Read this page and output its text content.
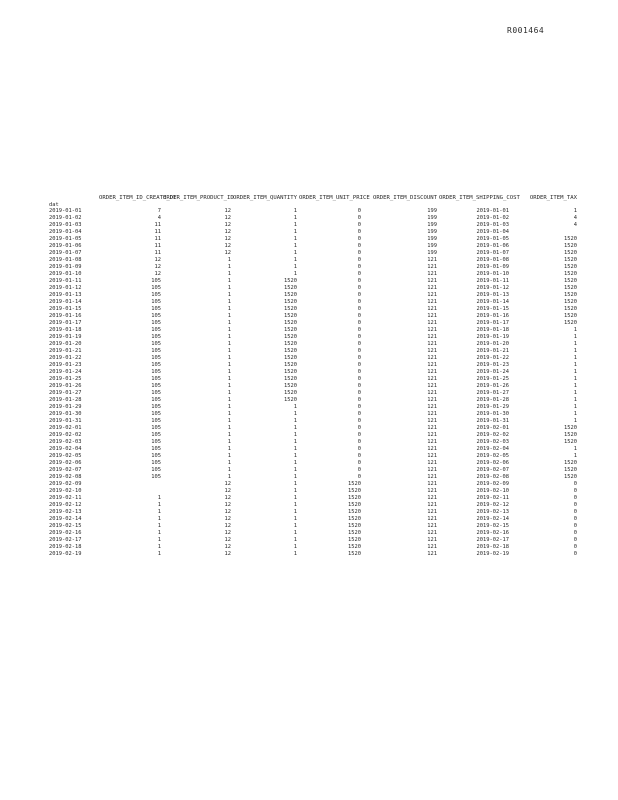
R001464
	ORDER_ITEM_ID_CREATE_DT	ORDER_ITEM_PRODUCT_ID	ORDER_ITEM_QUANTITY	ORDER_ITEM_UNIT_PRICE	ORDER_ITEM_DISCOUNT	ORDER_ITEM_SHIPPING_COST	ORDER_ITEM_TAX
dat							
2019-01-01	7	12	1	0	199	2019-01-01	1
2019-01-02	4	12	1	0	199	2019-01-02	4
2019-01-03	11	12	1	0	199	2019-01-03	4
2019-01-04	11	12	1	0	199	2019-01-04	
2019-01-05	11	12	1	0	199	2019-01-05	1520
2019-01-06	11	12	1	0	199	2019-01-06	1520
2019-01-07	11	12	1	0	199	2019-01-07	1520
2019-01-08	12	1	1	0	121	2019-01-08	1520
2019-01-09	12	1	1	0	121	2019-01-09	1520
2019-01-10	12	1	1	0	121	2019-01-10	1520
2019-01-11	105	1	1520	0	121	2019-01-11	1520
2019-01-12	105	1	1520	0	121	2019-01-12	1520
2019-01-13	105	1	1520	0	121	2019-01-13	1520
2019-01-14	105	1	1520	0	121	2019-01-14	1520
2019-01-15	105	1	1520	0	121	2019-01-15	1520
2019-01-16	105	1	1520	0	121	2019-01-16	1520
2019-01-17	105	1	1520	0	121	2019-01-17	1520
2019-01-18	105	1	1520	0	121	2019-01-18	1
2019-01-19	105	1	1520	0	121	2019-01-19	1
2019-01-20	105	1	1520	0	121	2019-01-20	1
2019-01-21	105	1	1520	0	121	2019-01-21	1
2019-01-22	105	1	1520	0	121	2019-01-22	1
2019-01-23	105	1	1520	0	121	2019-01-23	1
2019-01-24	105	1	1520	0	121	2019-01-24	1
2019-01-25	105	1	1520	0	121	2019-01-25	1
2019-01-26	105	1	1520	0	121	2019-01-26	1
2019-01-27	105	1	1520	0	121	2019-01-27	1
2019-01-28	105	1	1520	0	121	2019-01-28	1
2019-01-29	105	1	1	0	121	2019-01-29	1
2019-01-30	105	1	1	0	121	2019-01-30	1
2019-01-31	105	1	1	0	121	2019-01-31	1
2019-02-01	105	1	1	0	121	2019-02-01	1520
2019-02-02	105	1	1	0	121	2019-02-02	1520
2019-02-03	105	1	1	0	121	2019-02-03	1520
2019-02-04	105	1	1	0	121	2019-02-04	1
2019-02-05	105	1	1	0	121	2019-02-05	1
2019-02-06	105	1	1	0	121	2019-02-06	1520
2019-02-07	105	1	1	0	121	2019-02-07	1520
2019-02-08	105	1	1	0	121	2019-02-08	1520
2019-02-09		12	1	1520	121	2019-02-09	0
2019-02-10		12	1	1520	121	2019-02-10	0
2019-02-11	1	12	1	1520	121	2019-02-11	0
2019-02-12	1	12	1	1520	121	2019-02-12	0
2019-02-13	1	12	1	1520	121	2019-02-13	0
2019-02-14	1	12	1	1520	121	2019-02-14	0
2019-02-15	1	12	1	1520	121	2019-02-15	0
2019-02-16	1	12	1	1520	121	2019-02-16	0
2019-02-17	1	12	1	1520	121	2019-02-17	0
2019-02-18	1	12	1	1520	121	2019-02-18	0
2019-02-19	1	12	1	1520	121	2019-02-19	0
